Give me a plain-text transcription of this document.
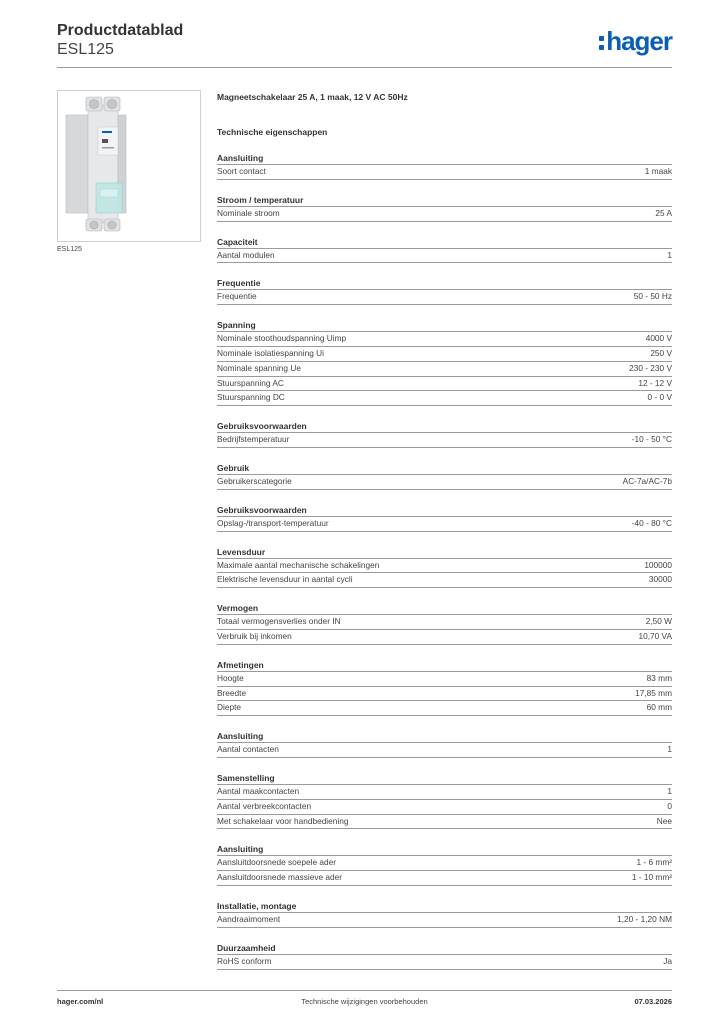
Productdatablad
ESL125	hager
ESL125
Magneetschakelaar 25 A, 1 maak, 12 V AC 50Hz
Technische eigenschappen
Aansluiting
Soort contact	1 maak
Stroom / temperatuur
Nominale stroom	25 A
Capaciteit
Aantal modulen	1
Frequentie
Frequentie	50 - 50 Hz
Spanning
Nominale stoothoudspanning Uimp	4000 V
Nominale isolatiespanning Ui	250 V
Nominale spanning Ue	230 - 230 V
Stuurspanning AC	12 - 12 V
Stuurspanning DC	0 - 0 V
Gebruiksvoorwaarden
Bedrijfstemperatuur	-10 - 50 °C
Gebruik
Gebruikerscategorie	AC-7a/AC-7b
Gebruiksvoorwaarden
Opslag-/transport-temperatuur	-40 - 80 °C
Levensduur
Maximale aantal mechanische schakelingen	100000
Elektrische levensduur in aantal cycli	30000
Vermogen
Totaal vermogensverlies onder IN	2,50 W
Verbruik bij inkomen	10,70 VA
Afmetingen
Hoogte	83 mm
Breedte	17,85 mm
Diepte	60 mm
Aansluiting
Aantal contacten	1
Samenstelling
Aantal maakcontacten	1
Aantal verbreekcontacten	0
Met schakelaar voor handbediening	Nee
Aansluiting
Aansluitdoorsnede soepele ader	1 - 6 mm²
Aansluitdoorsnede massieve ader	1 - 10 mm²
Installatie, montage
Aandraaimoment	1,20 - 1,20 NM
Duurzaamheid
RoHS conform	Ja
hager.com/nl	Technische wijzigingen voorbehouden	07.03.2026
